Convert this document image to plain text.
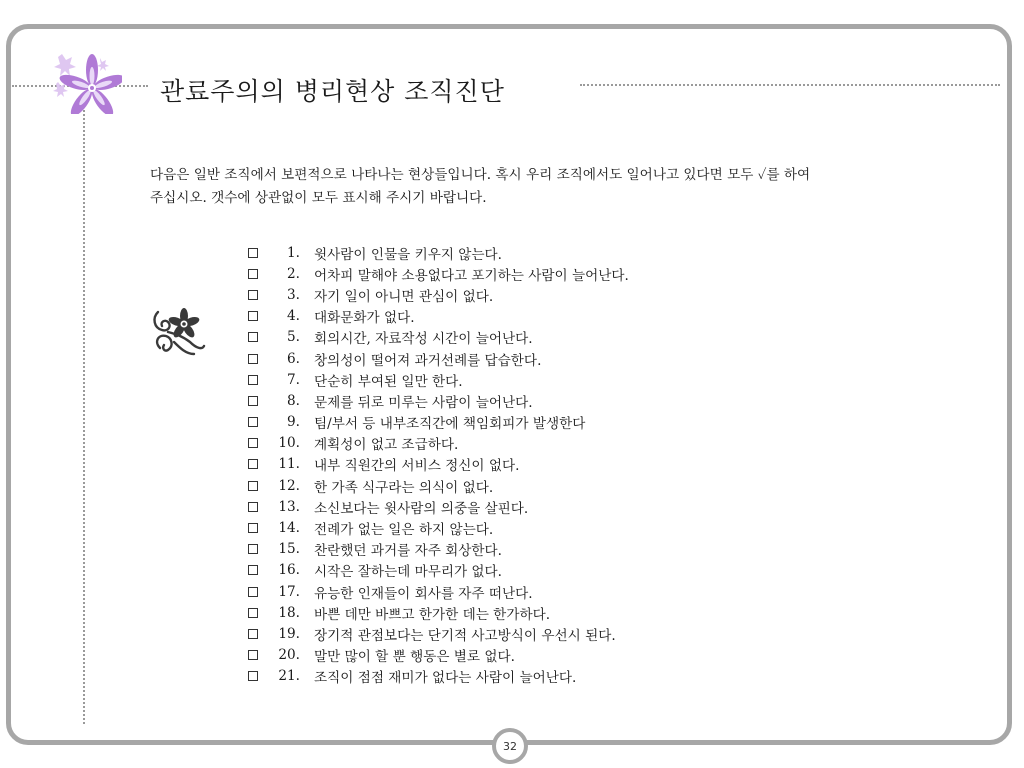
관료주의의 병리현상 조직진단
다음은 일반 조직에서 보편적으로 나타나는 현상들입니다. 혹시 우리 조직에서도 일어나고 있다면 모두 ✓를 하여
주십시오. 갯수에 상관없이 모두 표시해 주시기 바랍니다.
1.	윗사람이 인물을 키우지 않는다.
2.	어차피 말해야 소용없다고 포기하는 사람이 늘어난다.
3.	자기 일이 아니면 관심이 없다.
4.	대화문화가 없다.
5.	회의시간, 자료작성 시간이 늘어난다.
6.	창의성이 떨어져 과거선례를 답습한다.
7.	단순히 부여된 일만 한다.
8.	문제를 뒤로 미루는 사람이 늘어난다.
9.	팀/부서 등 내부조직간에 책임회피가 발생한다
10.	계획성이 없고 조급하다.
11.	내부 직원간의 서비스 정신이 없다.
12.	한 가족 식구라는 의식이 없다.
13.	소신보다는 윗사람의 의중을 살핀다.
14.	전례가 없는 일은 하지 않는다.
15.	찬란했던 과거를 자주 회상한다.
16.	시작은 잘하는데 마무리가 없다.
17.	유능한 인재들이 회사를 자주 떠난다.
18.	바쁜 데만 바쁘고 한가한 데는 한가하다.
19.	장기적 관점보다는 단기적 사고방식이 우선시 된다.
20.	말만 많이 할 뿐 행동은 별로 없다.
21.	조직이 점점 재미가 없다는 사람이 늘어난다.
32
